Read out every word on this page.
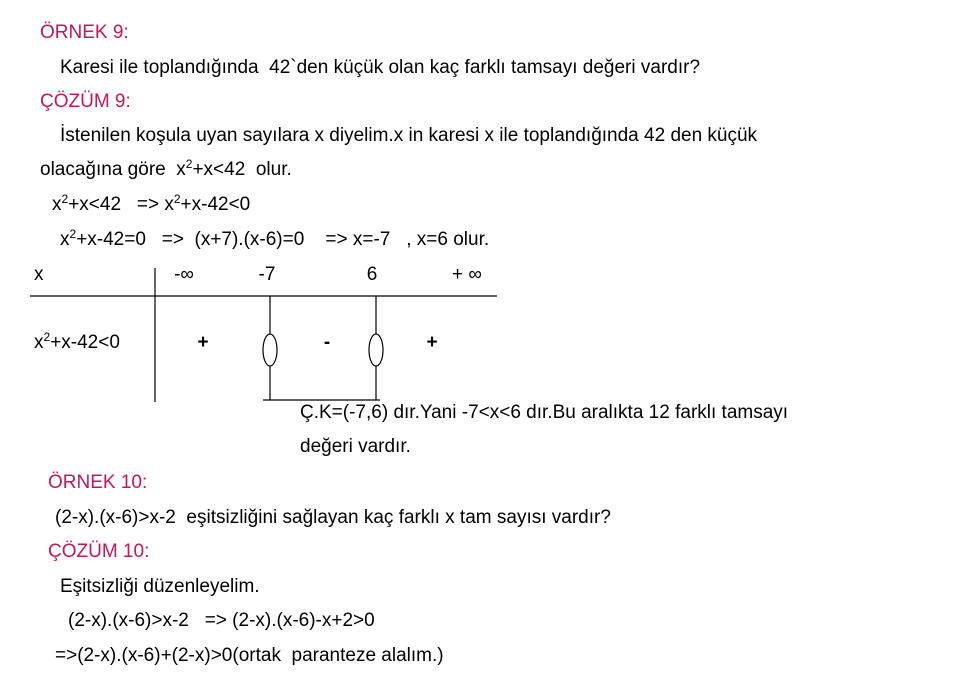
ÖRNEK 9:
Karesi ile toplandığında  42`den küçük olan kaç farklı tamsayı değeri vardır?
ÇÖZÜM 9:
İstenilen koşula uyan sayılara x diyelim.x in karesi x ile toplandığında 42 den küçük
olacağına göre  $x^2+x<42$  olur.
$x^2+x<42 => x^2+x-42<0$
$x^2+x-42=0 => (x+7).(x-6)=0$    => x=-7   , x=6 olur.
x	-∞	-7	6	+ ∞
$x^2+x-42<0$	+	-	+
Ç.K=(-7,6) dır.Yani -7<x<6 dır.Bu aralıkta 12 farklı tamsayı
değeri vardır.
ÖRNEK 10:
(2-x).(x-6)>x-2  eşitsizliğini sağlayan kaç farklı x tam sayısı vardır?
ÇÖZÜM 10:
Eşitsizliği düzenleyelim.
(2-x).(x-6)>x-2   => (2-x).(x-6)-x+2>0
=>(2-x).(x-6)+(2-x)>0(ortak  paranteze alalım.)
